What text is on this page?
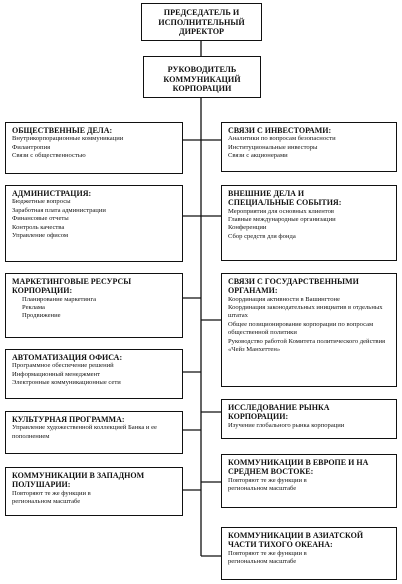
ПРЕДСЕДАТЕЛЬ И ИСПОЛНИТЕЛЬНЫЙ ДИРЕКТОР
РУКОВОДИТЕЛЬ КОММУНИКАЦИЙ КОРПОРАЦИИ
ОБЩЕСТВЕННЫЕ ДЕЛА:
Внутрикорпорационные коммуникации
Филантропия
Связи с общественностью
АДМИНИСТРАЦИЯ:
Бюджетные вопросы
Заработная плата администрации
Финансовые отчеты
Контроль качества
Управление офисом
МАРКЕТИНГОВЫЕ РЕСУРСЫ КОРПОРАЦИИ:
Планирование маркетинга
Реклама
Продвижение
АВТОМАТИЗАЦИЯ ОФИСА:
Программное обеспечение решений
Информационный менеджмент
Электронные коммуникационные сети
КУЛЬТУРНАЯ ПРОГРАММА:
Управление художественной коллекцией Банка и ее пополнением
КОММУНИКАЦИИ В ЗАПАДНОМ ПОЛУШАРИИ:
Повторяют те же функции в региональном масштабе
СВЯЗИ С ИНВЕСТОРАМИ:
Аналитики по вопросам безопасности
Институциональные инвесторы
Связи с акционерами
ВНЕШНИЕ ДЕЛА И СПЕЦИАЛЬНЫЕ СОБЫТИЯ:
Мероприятия для основных клиентов
Главные международные организации
Конференции
Сбор средств для фонда
СВЯЗИ С ГОСУДАРСТВЕННЫМИ ОРГАНАМИ:
Координация активности в Вашингтоне
Координация законодательных инициатив в отдельных штатах
Общее позиционирование корпорации по вопросам общественной политики
Руководство работой Комитета политического действия «Чейз Манхеттен»
ИССЛЕДОВАНИЕ РЫНКА КОРПОРАЦИИ:
Изучение глобального рынка корпорации
КОММУНИКАЦИИ В ЕВРОПЕ И НА СРЕДНЕМ ВОСТОКЕ:
Повторяют те же функции в региональном масштабе
КОММУНИКАЦИИ В АЗИАТСКОЙ ЧАСТИ ТИХОГО ОКЕАНА:
Повторяют те же функции в региональном масштабе
